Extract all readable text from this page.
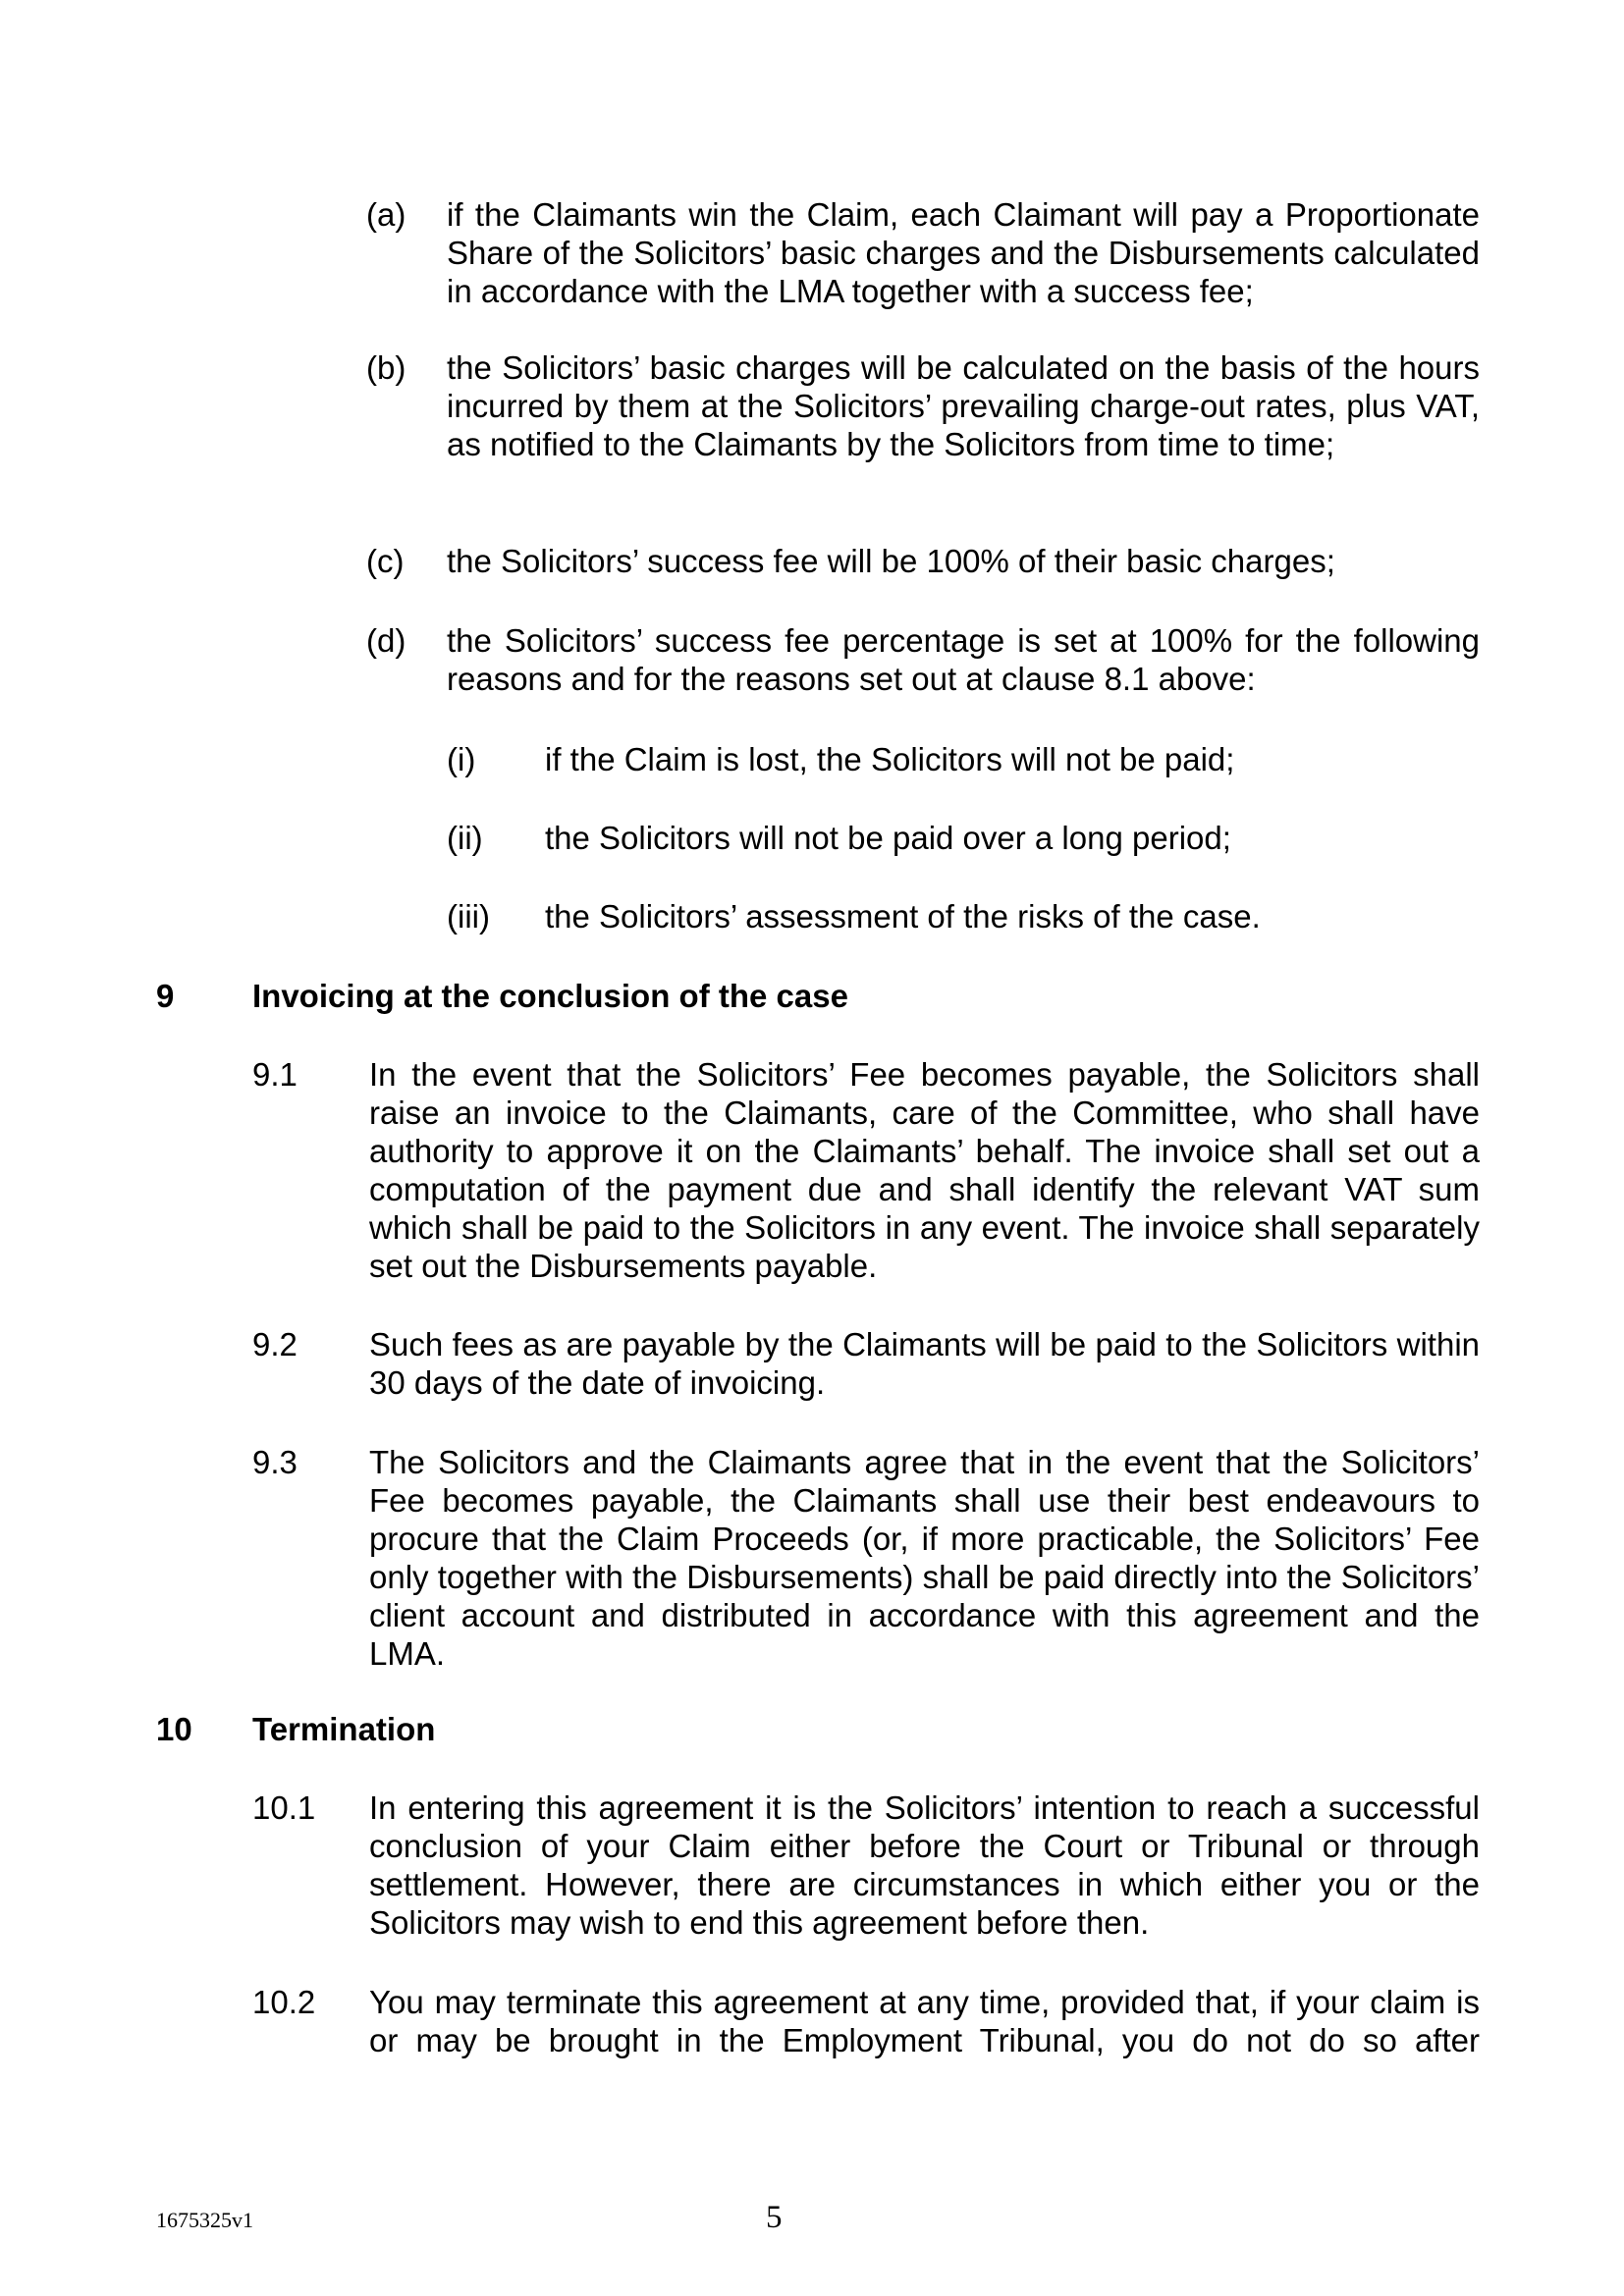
(a) if the Claimants win the Claim, each Claimant will pay a Proportionate Share of the Solicitors’ basic charges and the Disbursements calculated in accordance with the LMA together with a success fee;
(b) the Solicitors’ basic charges will be calculated on the basis of the hours incurred by them at the Solicitors’ prevailing charge-out rates, plus VAT, as notified to the Claimants by the Solicitors from time to time;
(c) the Solicitors’ success fee will be 100% of their basic charges;
(d) the Solicitors’ success fee percentage is set at 100% for the following reasons and for the reasons set out at clause 8.1 above:
(i) if the Claim is lost, the Solicitors will not be paid;
(ii) the Solicitors will not be paid over a long period;
(iii) the Solicitors’ assessment of the risks of the case.
9 Invoicing at the conclusion of the case
9.1 In the event that the Solicitors’ Fee becomes payable, the Solicitors shall raise an invoice to the Claimants, care of the Committee, who shall have authority to approve it on the Claimants’ behalf. The invoice shall set out a computation of the payment due and shall identify the relevant VAT sum which shall be paid to the Solicitors in any event. The invoice shall separately set out the Disbursements payable.
9.2 Such fees as are payable by the Claimants will be paid to the Solicitors within 30 days of the date of invoicing.
9.3 The Solicitors and the Claimants agree that in the event that the Solicitors’ Fee becomes payable, the Claimants shall use their best endeavours to procure that the Claim Proceeds (or, if more practicable, the Solicitors’ Fee only together with the Disbursements) shall be paid directly into the Solicitors’ client account and distributed in accordance with this agreement and the LMA.
10 Termination
10.1 In entering this agreement it is the Solicitors’ intention to reach a successful conclusion of your Claim either before the Court or Tribunal or through settlement. However, there are circumstances in which either you or the Solicitors may wish to end this agreement before then.
10.2 You may terminate this agreement at any time, provided that, if your claim is or may be brought in the Employment Tribunal, you do not do so after
1675325v1	5
